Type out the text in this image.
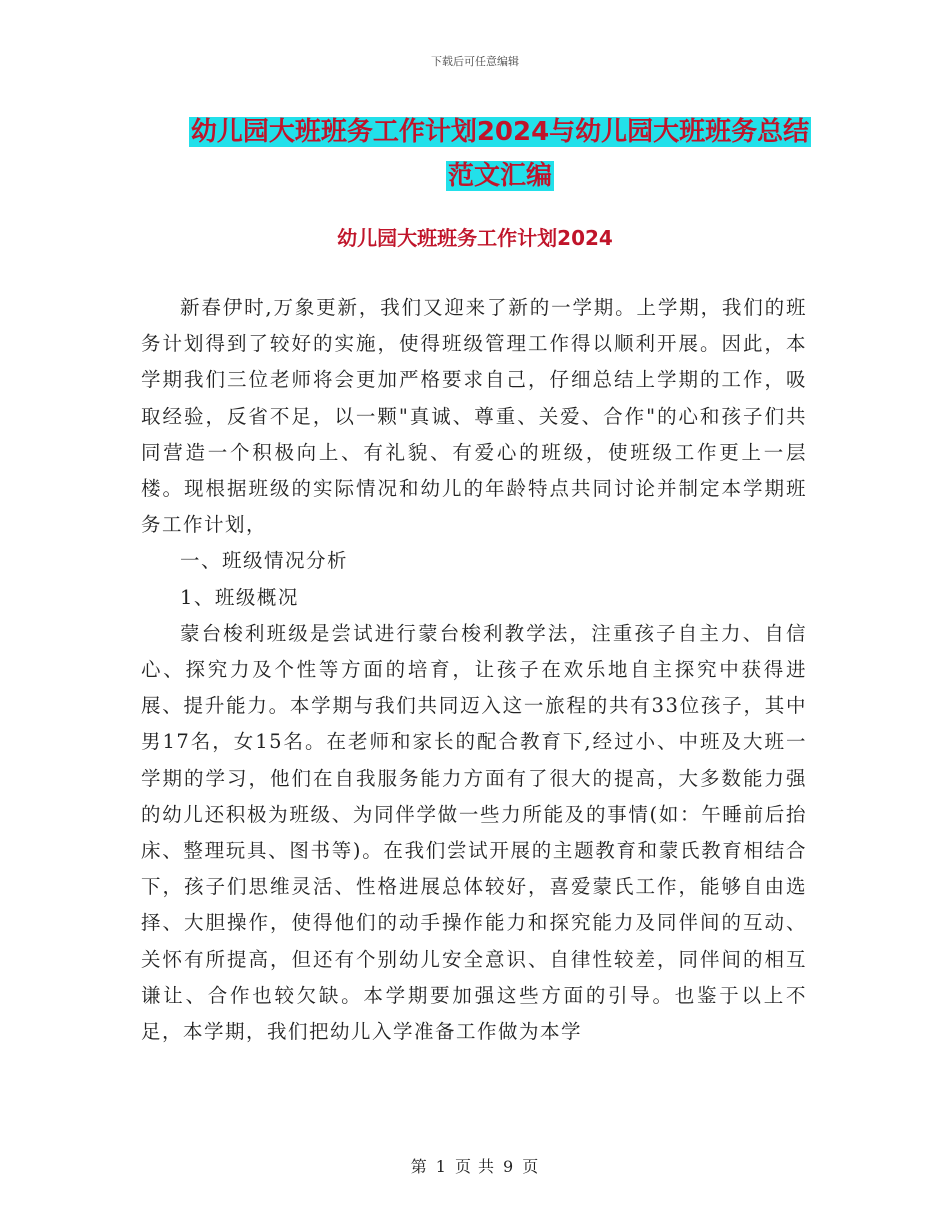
下载后可任意编辑
幼儿园大班班务工作计划2024与幼儿园大班班务总结
范文汇编
幼儿园大班班务工作计划2024

新春伊时,万象更新，我们又迎来了新的一学期。上学期，我们的班务计划得到了较好的实施，使得班级管理工作得以顺利开展。因此，本学期我们三位老师将会更加严格要求自己，仔细总结上学期的工作，吸取经验，反省不足，以一颗"真诚、尊重、关爱、合作"的心和孩子们共同营造一个积极向上、有礼貌、有爱心的班级，使班级工作更上一层楼。现根据班级的实际情况和幼儿的年龄特点共同讨论并制定本学期班务工作计划，

一、班级情况分析

1、班级概况

蒙台梭利班级是尝试进行蒙台梭利教学法，注重孩子自主力、自信心、探究力及个性等方面的培育，让孩子在欢乐地自主探究中获得进展、提升能力。本学期与我们共同迈入这一旅程的共有33位孩子，其中男17名，女15名。在老师和家长的配合教育下,经过小、中班及大班一学期的学习，他们在自我服务能力方面有了很大的提高，大多数能力强的幼儿还积极为班级、为同伴学做一些力所能及的事情(如：午睡前后抬床、整理玩具、图书等)。在我们尝试开展的主题教育和蒙氏教育相结合下，孩子们思维灵活、性格进展总体较好，喜爱蒙氏工作，能够自由选择、大胆操作，使得他们的动手操作能力和探究能力及同伴间的互动、关怀有所提高，但还有个别幼儿安全意识、自律性较差，同伴间的相互谦让、合作也较欠缺。本学期要加强这些方面的引导。也鉴于以上不足，本学期，我们把幼儿入学准备工作做为本学

第 1 页 共 9 页
